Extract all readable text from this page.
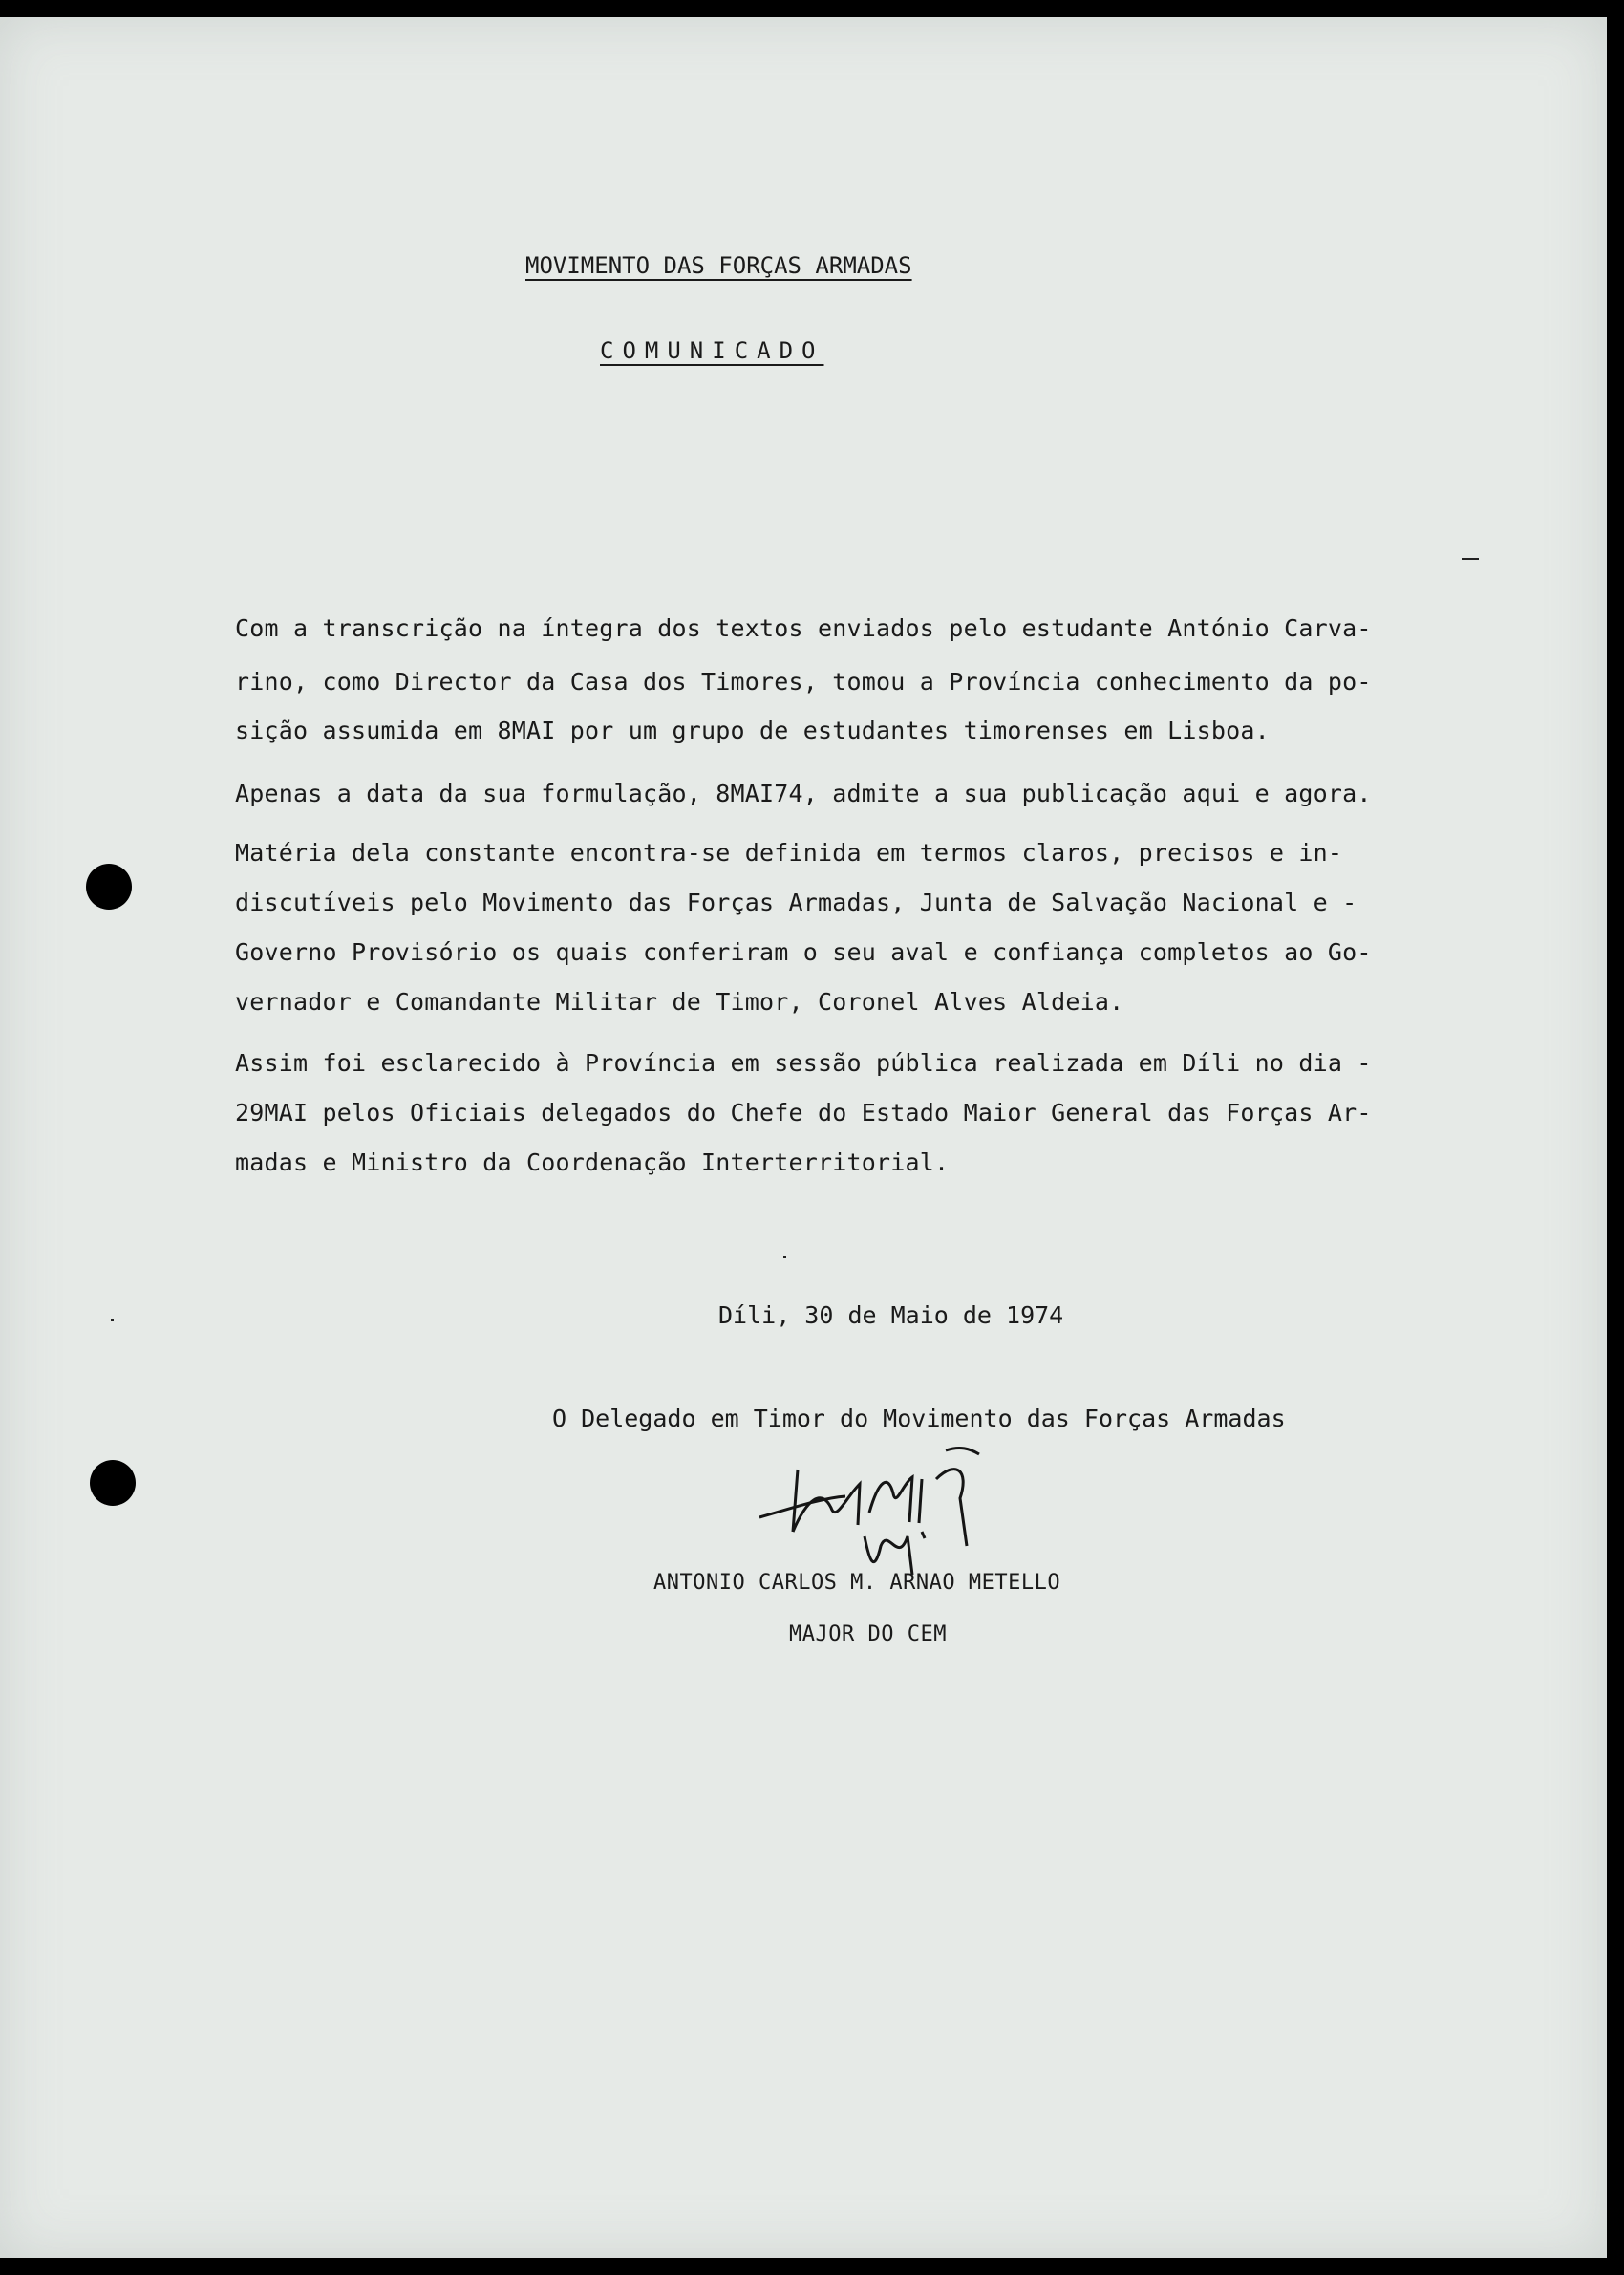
MOVIMENTO DAS FORÇAS ARMADAS
COMUNICADO
Com a transcrição na íntegra dos textos enviados pelo estudante António Carva-
rino, como Director da Casa dos Timores, tomou a Província conhecimento da po-
sição assumida em 8MAI por um grupo de estudantes timorenses em Lisboa.
Apenas a data da sua formulação, 8MAI74, admite a sua publicação aqui e agora.
Matéria dela constante encontra-se definida em termos claros, precisos e in-
discutíveis pelo Movimento das Forças Armadas, Junta de Salvação Nacional e -
Governo Provisório os quais conferiram o seu aval e confiança completos ao Go-
vernador e Comandante Militar de Timor, Coronel Alves Aldeia.
Assim foi esclarecido à Província em sessão pública realizada em Díli no dia -
29MAI pelos Oficiais delegados do Chefe do Estado Maior General das Forças Ar-
madas e Ministro da Coordenação Interterritorial.
Díli, 30 de Maio de 1974
O Delegado em Timor do Movimento das Forças Armadas
ANTONIO CARLOS M. ARNAO METELLO
MAJOR DO CEM
